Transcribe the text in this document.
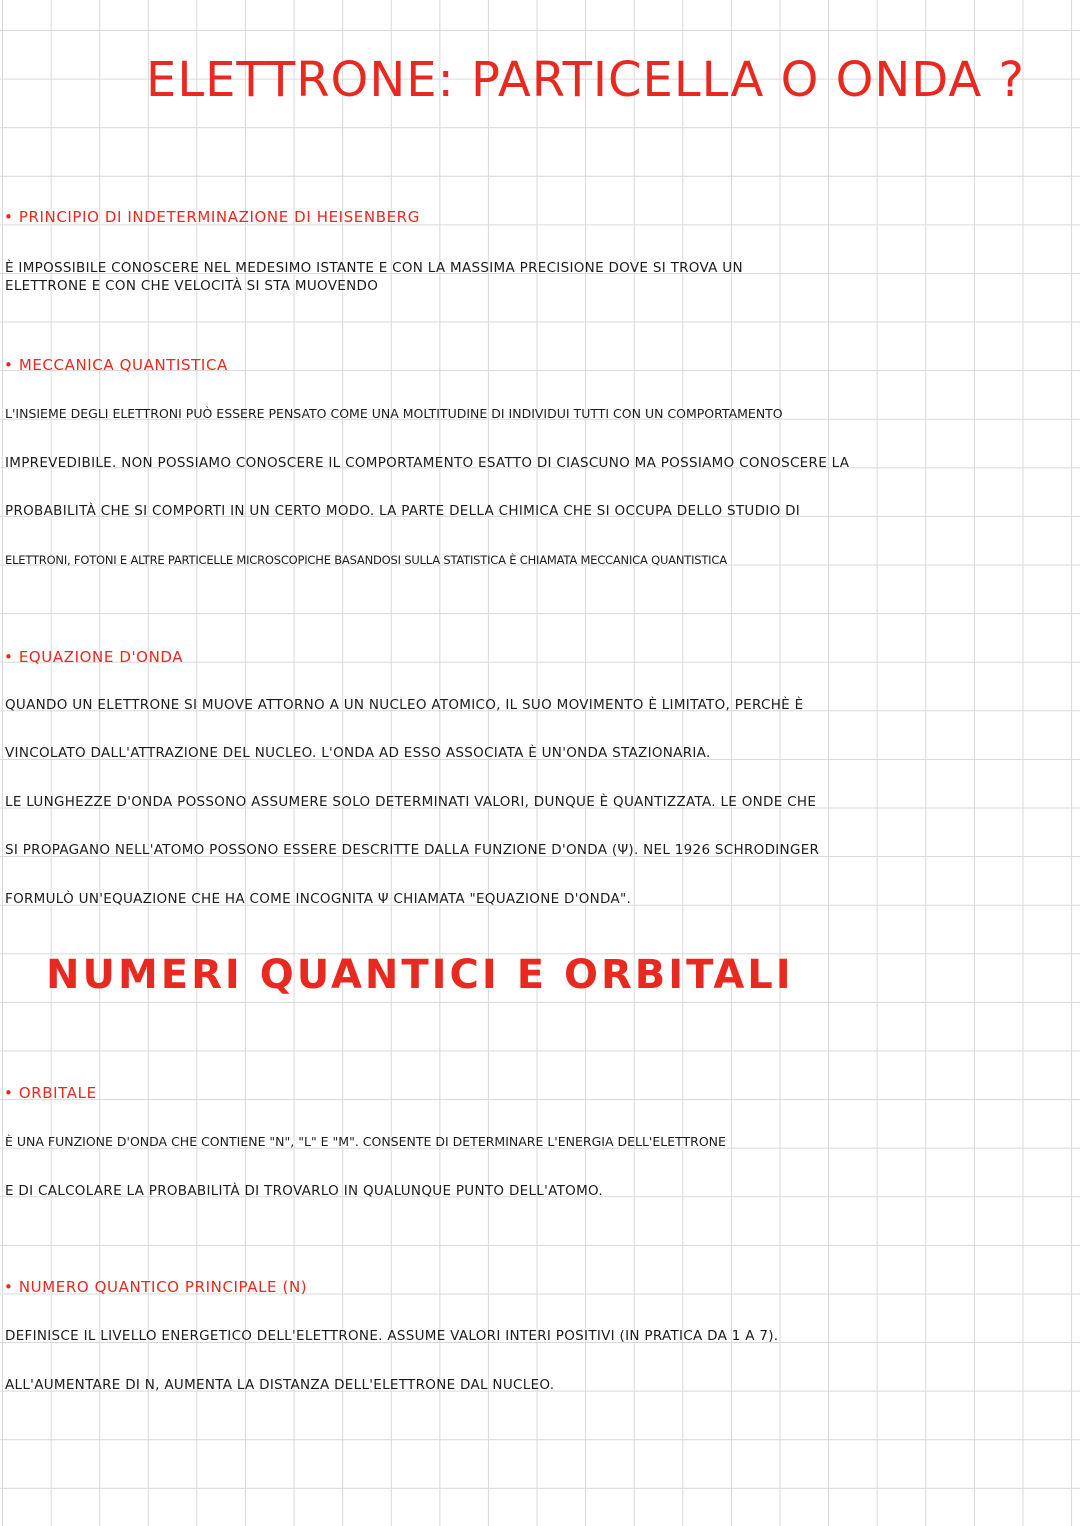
ELETTRONE: PARTICELLA O ONDA ?
• PRINCIPIO DI INDETERMINAZIONE DI HEISENBERG
È IMPOSSIBILE CONOSCERE NEL MEDESIMO ISTANTE E CON LA MASSIMA PRECISIONE DOVE SI TROVA UN
ELETTRONE E CON CHE VELOCITÀ SI STA MUOVENDO
• MECCANICA QUANTISTICA
L'INSIEME DEGLI ELETTRONI PUÒ ESSERE PENSATO COME UNA MOLTITUDINE DI INDIVIDUI TUTTI CON UN COMPORTAMENTO
IMPREVEDIBILE. NON POSSIAMO CONOSCERE IL COMPORTAMENTO ESATTO DI CIASCUNO MA POSSIAMO CONOSCERE LA
PROBABILITÀ CHE SI COMPORTI IN UN CERTO MODO. LA PARTE DELLA CHIMICA CHE SI OCCUPA DELLO STUDIO DI
ELETTRONI, FOTONI E ALTRE PARTICELLE MICROSCOPICHE BASANDOSI SULLA STATISTICA È CHIAMATA MECCANICA QUANTISTICA
• EQUAZIONE D'ONDA
QUANDO UN ELETTRONE SI MUOVE ATTORNO A UN NUCLEO ATOMICO, IL SUO MOVIMENTO È LIMITATO, PERCHÈ È
VINCOLATO DALL'ATTRAZIONE DEL NUCLEO. L'ONDA AD ESSO ASSOCIATA È UN'ONDA STAZIONARIA.
LE LUNGHEZZE D'ONDA POSSONO ASSUMERE SOLO DETERMINATI VALORI, DUNQUE È QUANTIZZATA. LE ONDE CHE
SI PROPAGANO NELL'ATOMO POSSONO ESSERE DESCRITTE DALLA FUNZIONE D'ONDA (Ψ). NEL 1926 SCHRODINGER
FORMULÒ UN'EQUAZIONE CHE HA COME INCOGNITA Ψ CHIAMATA "EQUAZIONE D'ONDA".
NUMERI QUANTICI E ORBITALI
• ORBITALE
È UNA FUNZIONE D'ONDA CHE CONTIENE "N", "L" E "M". CONSENTE DI DETERMINARE L'ENERGIA DELL'ELETTRONE
E DI CALCOLARE LA PROBABILITÀ DI TROVARLO IN QUALUNQUE PUNTO DELL'ATOMO.
• NUMERO QUANTICO PRINCIPALE (N)
DEFINISCE IL LIVELLO ENERGETICO DELL'ELETTRONE. ASSUME VALORI INTERI POSITIVI (IN PRATICA DA 1 A 7).
ALL'AUMENTARE DI N, AUMENTA LA DISTANZA DELL'ELETTRONE DAL NUCLEO.
